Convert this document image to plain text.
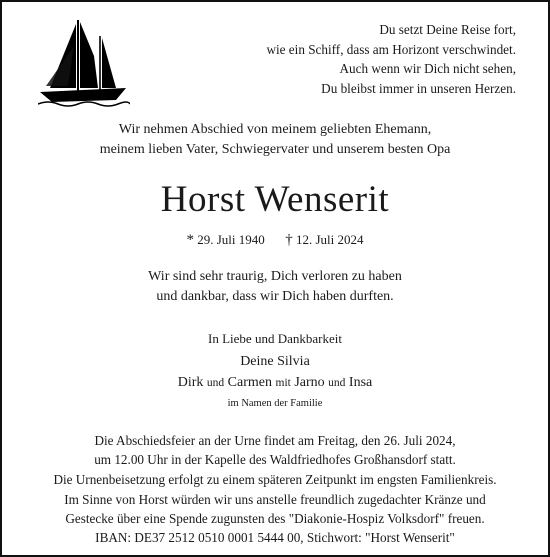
Du setzt Deine Reise fort,
wie ein Schiff, dass am Horizont verschwindet.
Auch wenn wir Dich nicht sehen,
Du bleibst immer in unseren Herzen.
Wir nehmen Abschied von meinem geliebten Ehemann,
meinem lieben Vater, Schwiegervater und unserem besten Opa
Horst Wenserit
* 29. Juli 1940 † 12. Juli 2024
Wir sind sehr traurig, Dich verloren zu haben
und dankbar, dass wir Dich haben durften.
In Liebe und Dankbarkeit
Deine Silvia
Dirk und Carmen mit Jarno und Insa
im Namen der Familie
Die Abschiedsfeier an der Urne findet am Freitag, den 26. Juli 2024,
um 12.00 Uhr in der Kapelle des Waldfriedhofes Großhansdorf statt.
Die Urnenbeisetzung erfolgt zu einem späteren Zeitpunkt im engsten Familienkreis.
Im Sinne von Horst würden wir uns anstelle freundlich zugedachter Kränze und
Gestecke über eine Spende zugunsten des "Diakonie-Hospiz Volksdorf" freuen.
IBAN: DE37 2512 0510 0001 5444 00, Stichwort: "Horst Wenserit"
